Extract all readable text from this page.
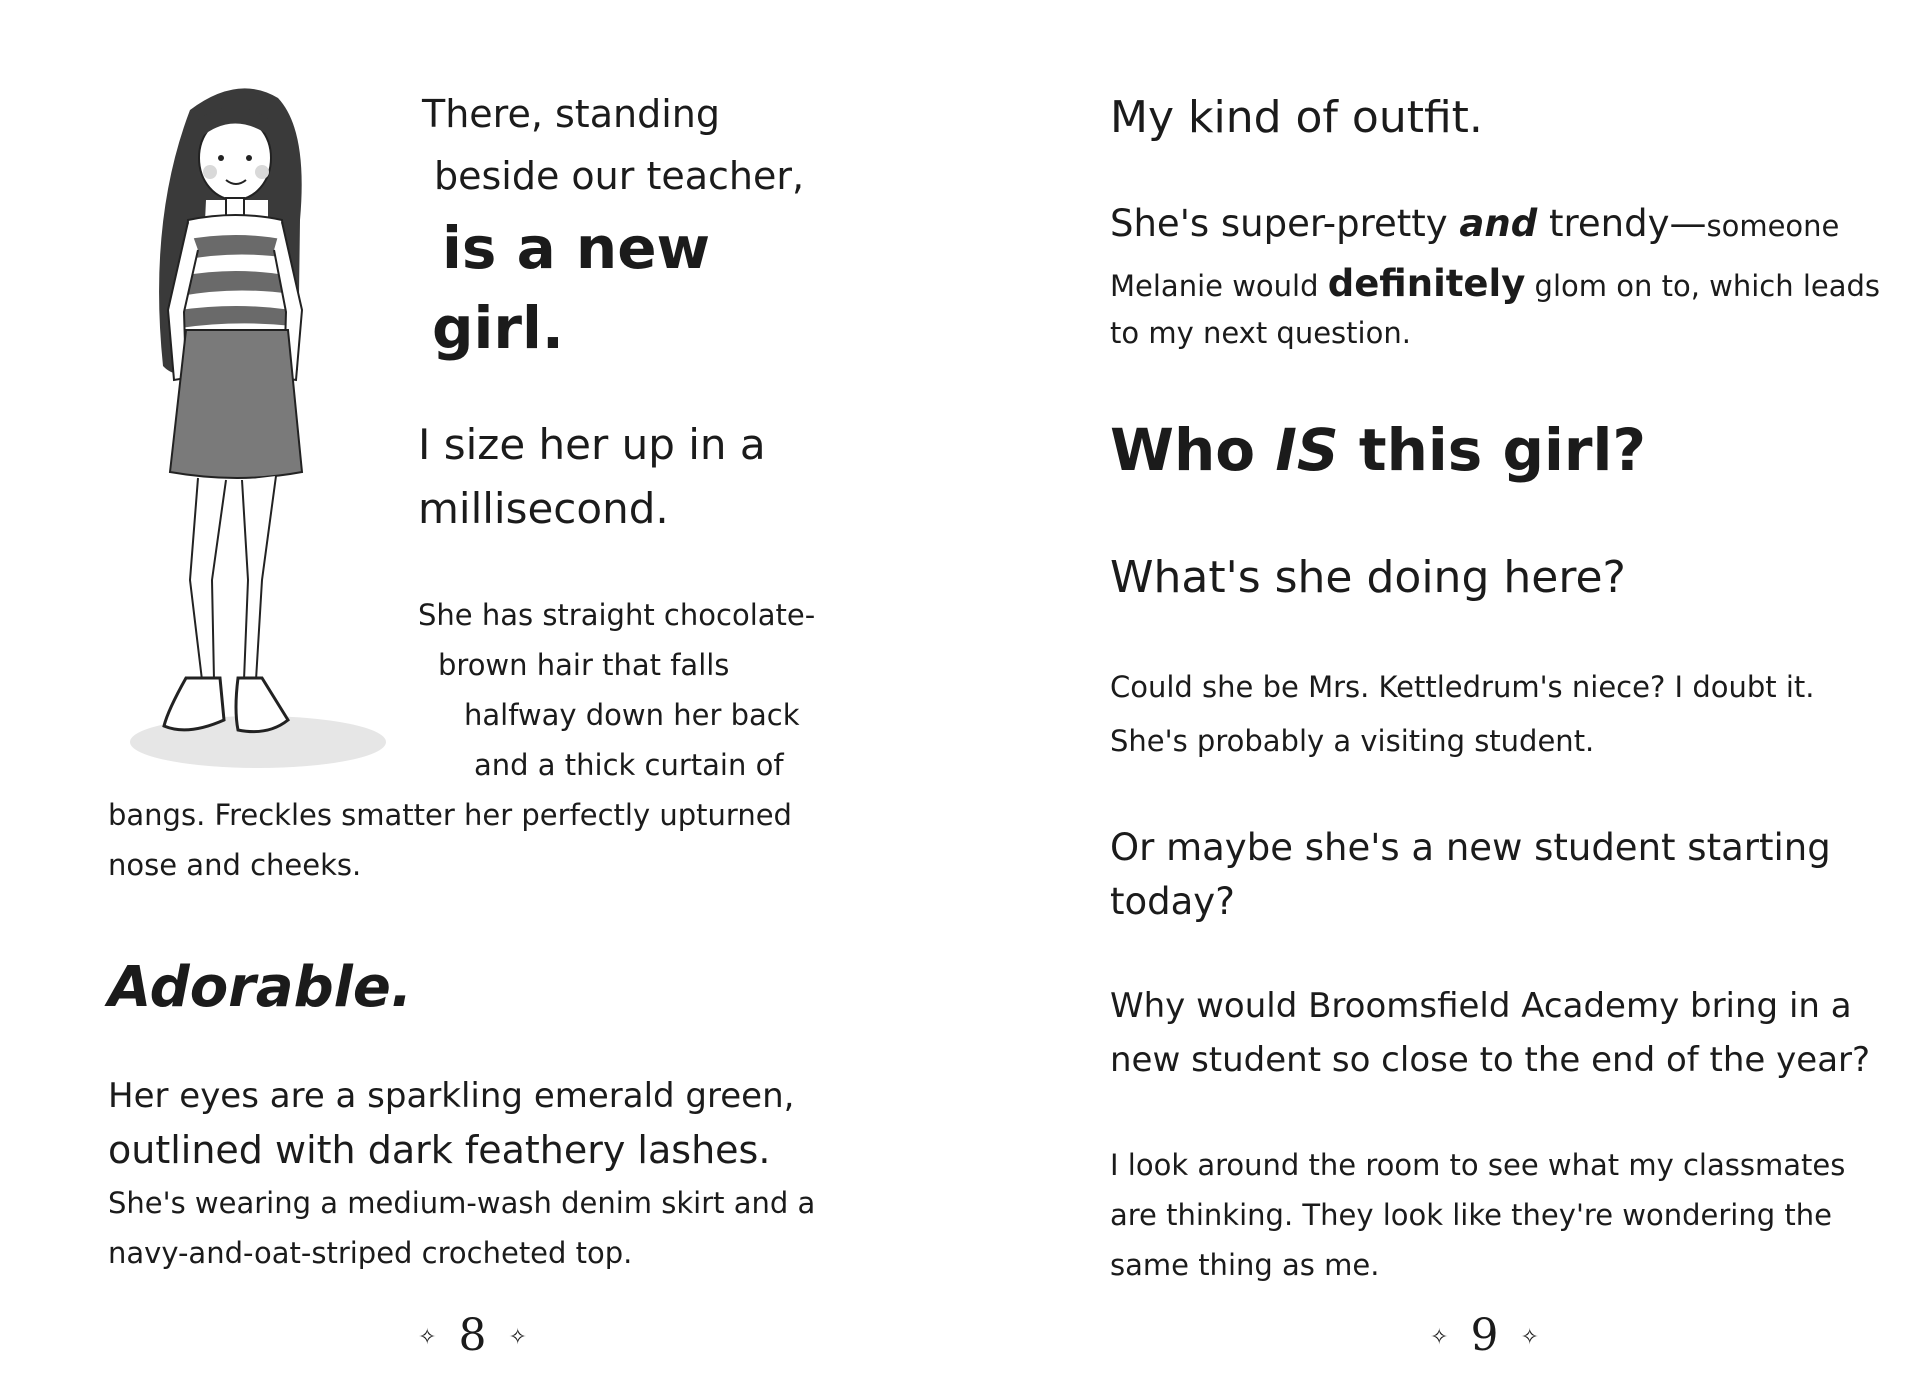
There, standing

beside our teacher,

is a new

girl.

I size her up in a

millisecond.

She has straight chocolate-

brown hair that falls

halfway down her back

and a thick curtain of

bangs. Freckles smatter her perfectly upturned

nose and cheeks.

Adorable.

Her eyes are a sparkling emerald green,

outlined with dark feathery lashes.

She's wearing a medium-wash denim skirt and a

navy-and-oat-striped crocheted top.

✧ 8 ✧

My kind of outfit.

She's super-pretty and trendy—someone

Melanie would definitely glom on to, which leads

to my next question.

Who IS this girl?

What's she doing here?

Could she be Mrs. Kettledrum's niece? I doubt it.

She's probably a visiting student.

Or maybe she's a new student starting

today?

Why would Broomsfield Academy bring in a

new student so close to the end of the year?

I look around the room to see what my classmates

are thinking. They look like they're wondering the

same thing as me.

✧ 9 ✧
